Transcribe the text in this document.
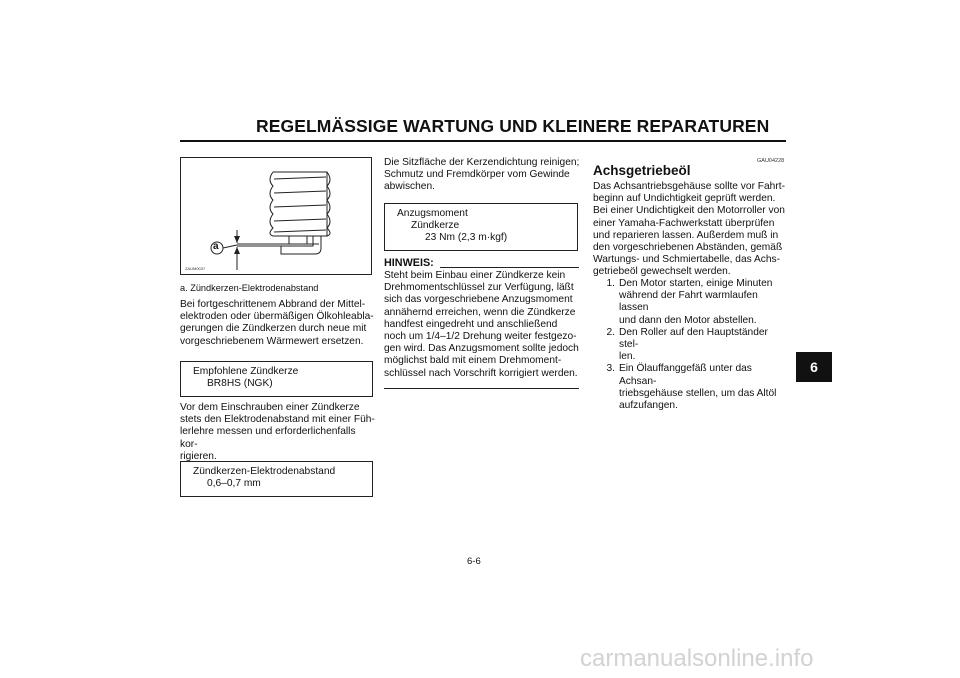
REGELMÄSSIGE WARTUNG UND KLEINERE REPARATUREN
6
a
ZAUM0037
a. Zündkerzen-Elektrodenabstand
Bei fortgeschrittenem Abbrand der Mittel-
elektroden oder übermäßigen Ölkohleabla-
gerungen die Zündkerzen durch neue mit
vorgeschriebenem Wärmewert ersetzen.
Empfohlene Zündkerze
BR8HS (NGK)
Vor dem Einschrauben einer Zündkerze
stets den Elektrodenabstand mit einer Füh-
lerlehre messen und erforderlichenfalls kor-
rigieren.
Zündkerzen-Elektrodenabstand
0,6–0,7 mm
Die Sitzfläche der Kerzendichtung reinigen;
Schmutz und Fremdkörper vom Gewinde
abwischen.
Anzugsmoment
Zündkerze
23 Nm (2,3 m·kgf)
HINWEIS:
Steht beim Einbau einer Zündkerze kein
Drehmomentschlüssel zur Verfügung, läßt
sich das vorgeschriebene Anzugsmoment
annähernd erreichen, wenn die Zündkerze
handfest eingedreht und anschließend
noch um 1/4–1/2 Drehung weiter festgezo-
gen wird. Das Anzugsmoment sollte jedoch
möglichst bald mit einem Drehmoment-
schlüssel nach Vorschrift korrigiert werden.
GAU04228
Achsgetriebeöl
Das Achsantriebsgehäuse sollte vor Fahrt-
beginn auf Undichtigkeit geprüft werden.
Bei einer Undichtigkeit den Motorroller von
einer Yamaha-Fachwerkstatt überprüfen
und reparieren lassen. Außerdem muß in
den vorgeschriebenen Abständen, gemäß
Wartungs- und Schmiertabelle, das Achs-
getriebeöl gewechselt werden.
1. Den Motor starten, einige Minuten
während der Fahrt warmlaufen lassen
und dann den Motor abstellen.
2. Den Roller auf den Hauptständer stel-
len.
3. Ein Ölauffanggefäß unter das Achsan-
triebsgehäuse stellen, um das Altöl
aufzufangen.
6-6
carmanualsonline.info
